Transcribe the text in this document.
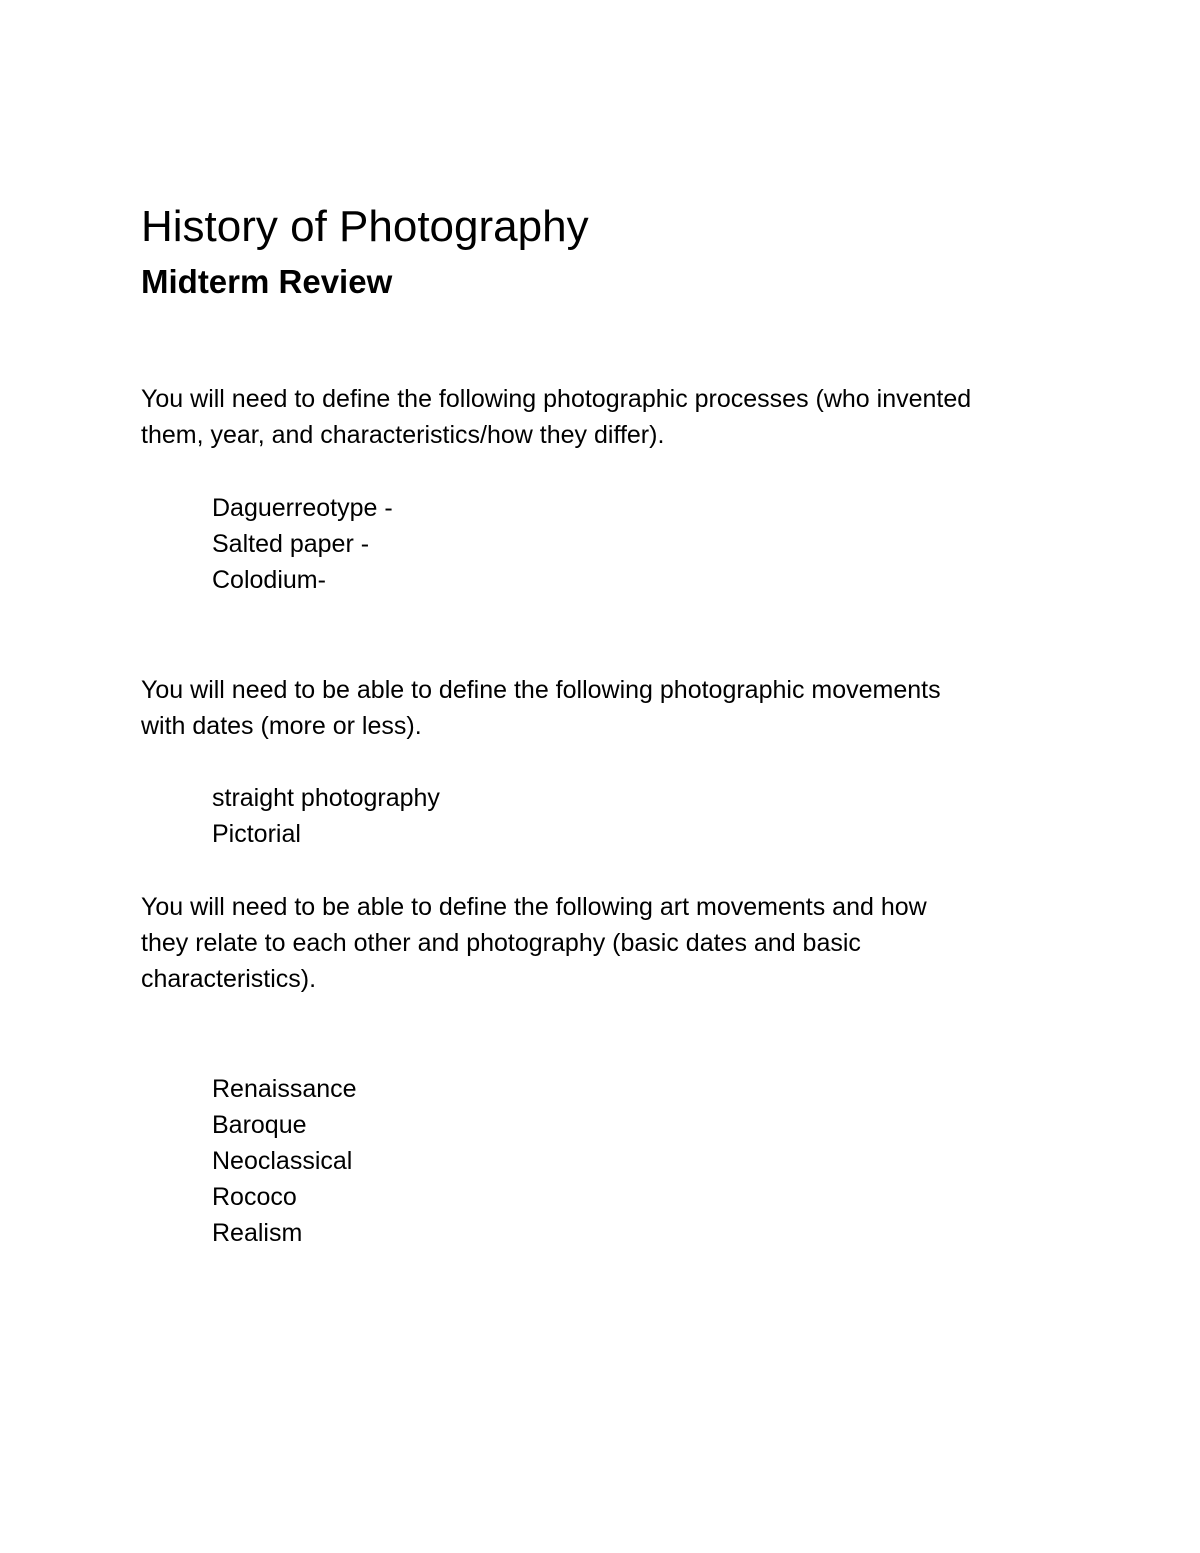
History of Photography
Midterm Review

You will need to define the following photographic processes (who invented
them, year, and characteristics/how they differ).

Daguerreotype -
Salted paper -
Colodium-

You will need to be able to define the following photographic movements
with dates (more or less).

straight photography
Pictorial

You will need to be able to define the following art movements and how
they relate to each other and photography (basic dates and basic
characteristics).

Renaissance
Baroque
Neoclassical
Rococo
Realism
